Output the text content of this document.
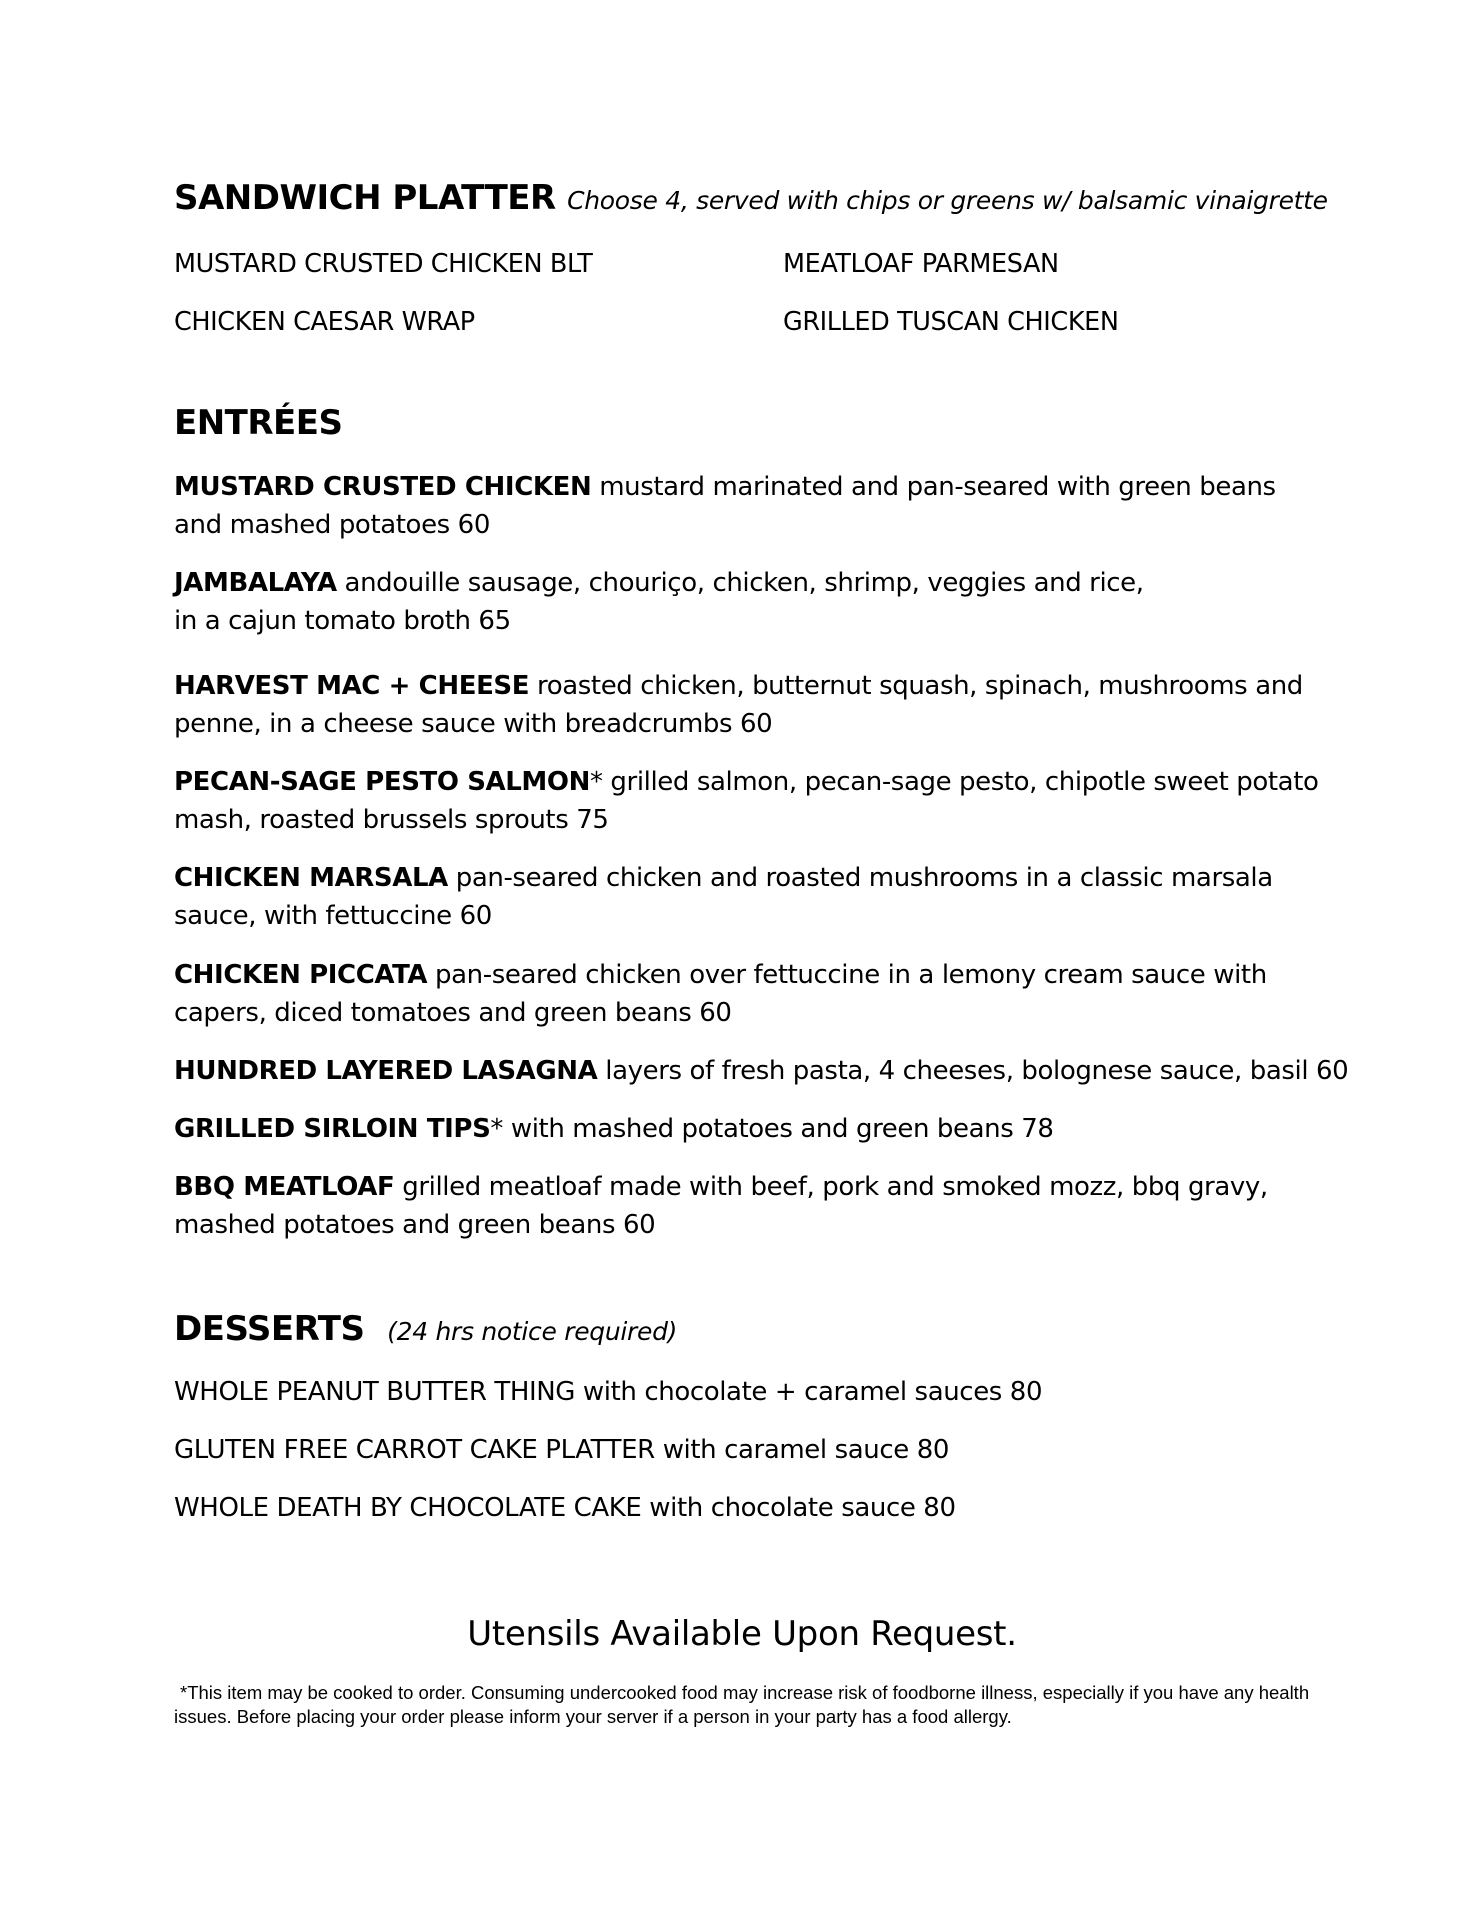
SANDWICH PLATTER Choose 4, served with chips or greens w/ balsamic vinaigrette
MUSTARD CRUSTED CHICKEN BLT	MEATLOAF PARMESAN
CHICKEN CAESAR WRAP	GRILLED TUSCAN CHICKEN
ENTRÉES
MUSTARD CRUSTED CHICKEN mustard marinated and pan-seared with green beans and mashed potatoes 60
JAMBALAYA andouille sausage, chouriço, chicken, shrimp, veggies and rice,
in a cajun tomato broth 65
HARVEST MAC + CHEESE roasted chicken, butternut squash, spinach, mushrooms and penne, in a cheese sauce with breadcrumbs 60
PECAN-SAGE PESTO SALMON* grilled salmon, pecan-sage pesto, chipotle sweet potato mash, roasted brussels sprouts 75
CHICKEN MARSALA pan-seared chicken and roasted mushrooms in a classic marsala sauce, with fettuccine 60
CHICKEN PICCATA pan-seared chicken over fettuccine in a lemony cream sauce with capers, diced tomatoes and green beans 60
HUNDRED LAYERED LASAGNA layers of fresh pasta, 4 cheeses, bolognese sauce, basil 60
GRILLED SIRLOIN TIPS* with mashed potatoes and green beans 78
BBQ MEATLOAF grilled meatloaf made with beef, pork and smoked mozz, bbq gravy,
mashed potatoes and green beans 60
DESSERTS (24 hrs notice required)
WHOLE PEANUT BUTTER THING with chocolate + caramel sauces 80
GLUTEN FREE CARROT CAKE PLATTER with caramel sauce 80
WHOLE DEATH BY CHOCOLATE CAKE with chocolate sauce 80
Utensils Available Upon Request.
*This item may be cooked to order. Consuming undercooked food may increase risk of foodborne illness, especially if you have any health issues. Before placing your order please inform your server if a person in your party has a food allergy.
